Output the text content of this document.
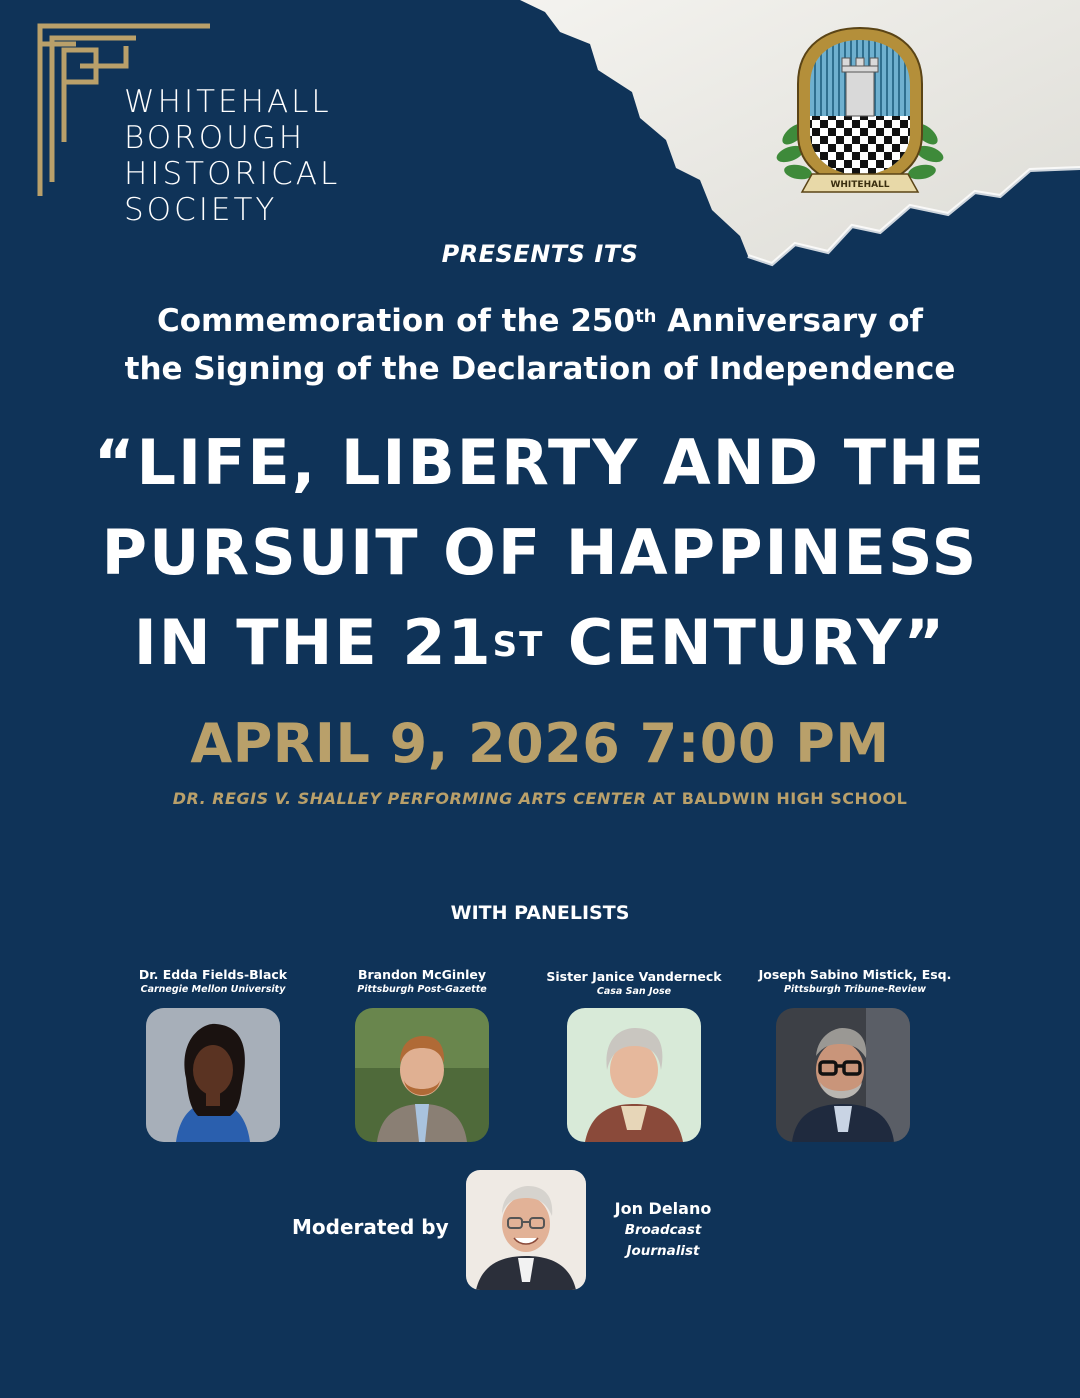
WHITEHALL
BOROUGH
HISTORICAL
SOCIETY
WHITEHALL
PRESENTS ITS
Commemoration of the 250th Anniversary of
the Signing of the Declaration of Independence
“LIFE, LIBERTY AND THE
PURSUIT OF HAPPINESS
IN THE 21ST CENTURY”
APRIL 9, 2026 7:00 PM
DR. REGIS V. SHALLEY PERFORMING ARTS CENTER AT BALDWIN HIGH SCHOOL
WITH PANELISTS
Dr. Edda Fields-Black
Carnegie Mellon University
Brandon McGinley
Pittsburgh Post-Gazette
Sister Janice Vanderneck
Casa San Jose
Joseph Sabino Mistick, Esq.
Pittsburgh Tribune-Review
Moderated by
Jon Delano
Broadcast
Journalist
